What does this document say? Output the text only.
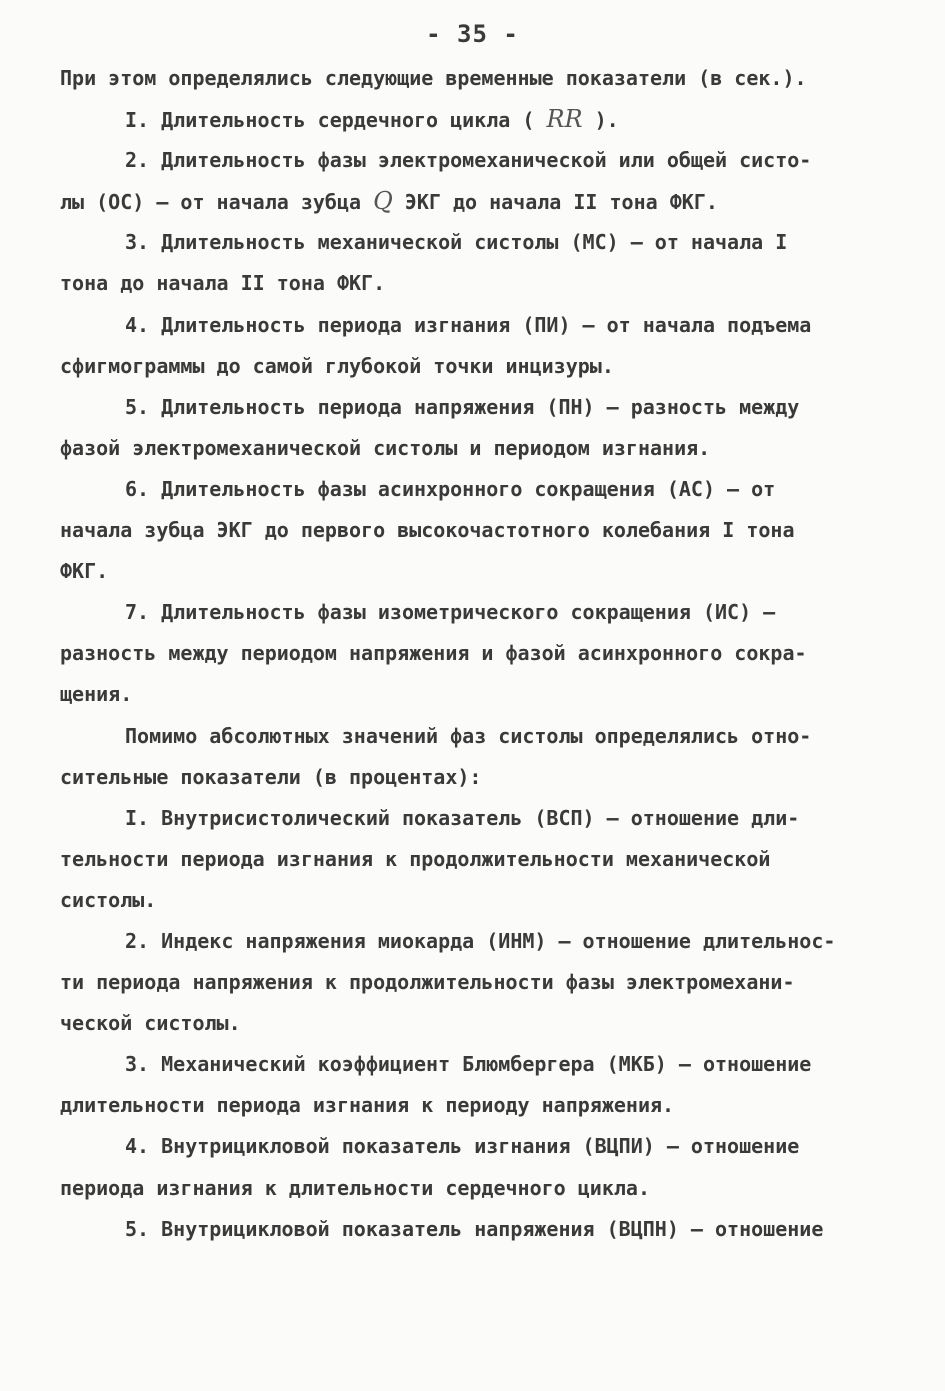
- 35 -
При этом определялись следующие временные показатели (в сек.).
I. Длительность сердечного цикла ( RR ).
2. Длительность фазы электромеханической или общей систо-
лы (ОС) – от начала зубца Q ЭКГ до начала II тона ФКГ.
3. Длительность механической систолы (МС) – от начала I
тона до начала II тона ФКГ.
4. Длительность периода изгнания (ПИ) – от начала подъема
сфигмограммы до самой глубокой точки инцизуры.
5. Длительность периода напряжения (ПН) – разность между
фазой электромеханической систолы и периодом изгнания.
6. Длительность фазы асинхронного сокращения (АС) – от
начала зубца ЭКГ до первого высокочастотного колебания I тона
ФКГ.
7. Длительность фазы изометрического сокращения (ИС) –
разность между периодом напряжения и фазой асинхронного сокра-
щения.
Помимо абсолютных значений фаз систолы определялись отно-
сительные показатели (в процентах):
I. Внутрисистолический показатель (ВСП) – отношение дли-
тельности периода изгнания к продолжительности механической
систолы.
2. Индекс напряжения миокарда (ИНМ) – отношение длительнос-
ти периода напряжения к продолжительности фазы электромехани-
ческой систолы.
3. Механический коэффициент Блюмбергера (МКБ) – отношение
длительности периода изгнания к периоду напряжения.
4. Внутрицикловой показатель изгнания (ВЦПИ) – отношение
периода изгнания к длительности сердечного цикла.
5. Внутрицикловой показатель напряжения (ВЦПН) – отношение
